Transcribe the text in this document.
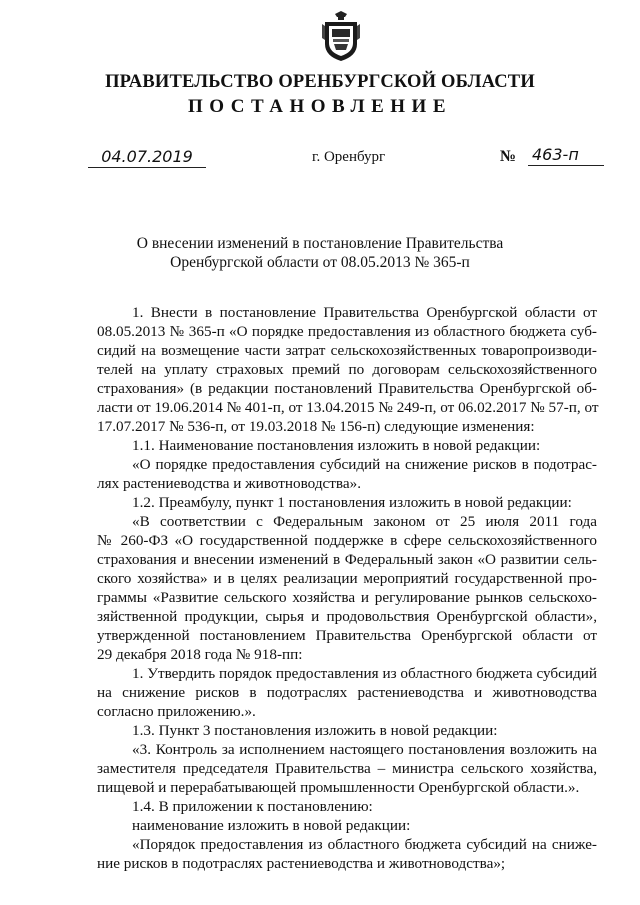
ПРАВИТЕЛЬСТВО ОРЕНБУРГСКОЙ ОБЛАСТИ
ПОСТАНОВЛЕНИЕ
04.07.2019	г. Оренбург	№ 463-п
О внесении изменений в постановление Правительства
Оренбургской области от 08.05.2013 № 365-п
1. Внести в постановление Правительства Оренбургской области от
08.05.2013 № 365-п «О порядке предоставления из областного бюджета суб-
сидий на возмещение части затрат сельскохозяйственных товаропроизводи-
телей на уплату страховых премий по договорам сельскохозяйственного
страхования» (в редакции постановлений Правительства Оренбургской об-
ласти от 19.06.2014 № 401-п, от 13.04.2015 № 249-п, от 06.02.2017 № 57-п, от
17.07.2017 № 536-п, от 19.03.2018 № 156-п) следующие изменения:
1.1. Наименование постановления изложить в новой редакции:
«О порядке предоставления субсидий на снижение рисков в подотрас-
лях растениеводства и животноводства».
1.2. Преамбулу, пункт 1 постановления изложить в новой редакции:
«В соответствии с Федеральным законом от 25 июля 2011 года
№ 260-ФЗ «О государственной поддержке в сфере сельскохозяйственного
страхования и внесении изменений в Федеральный закон «О развитии сель-
ского хозяйства» и в целях реализации мероприятий государственной про-
граммы «Развитие сельского хозяйства и регулирование рынков сельскохо-
зяйственной продукции, сырья и продовольствия Оренбургской области»,
утвержденной постановлением Правительства Оренбургской области от
29 декабря 2018 года № 918-пп:
1. Утвердить порядок предоставления из областного бюджета субсидий
на снижение рисков в подотраслях растениеводства и животноводства
согласно приложению.».
1.3. Пункт 3 постановления изложить в новой редакции:
«3. Контроль за исполнением настоящего постановления возложить на
заместителя председателя Правительства – министра сельского хозяйства,
пищевой и перерабатывающей промышленности Оренбургской области.».
1.4. В приложении к постановлению:
наименование изложить в новой редакции:
«Порядок предоставления из областного бюджета субсидий на сниже-
ние рисков в подотраслях растениеводства и животноводства»;
